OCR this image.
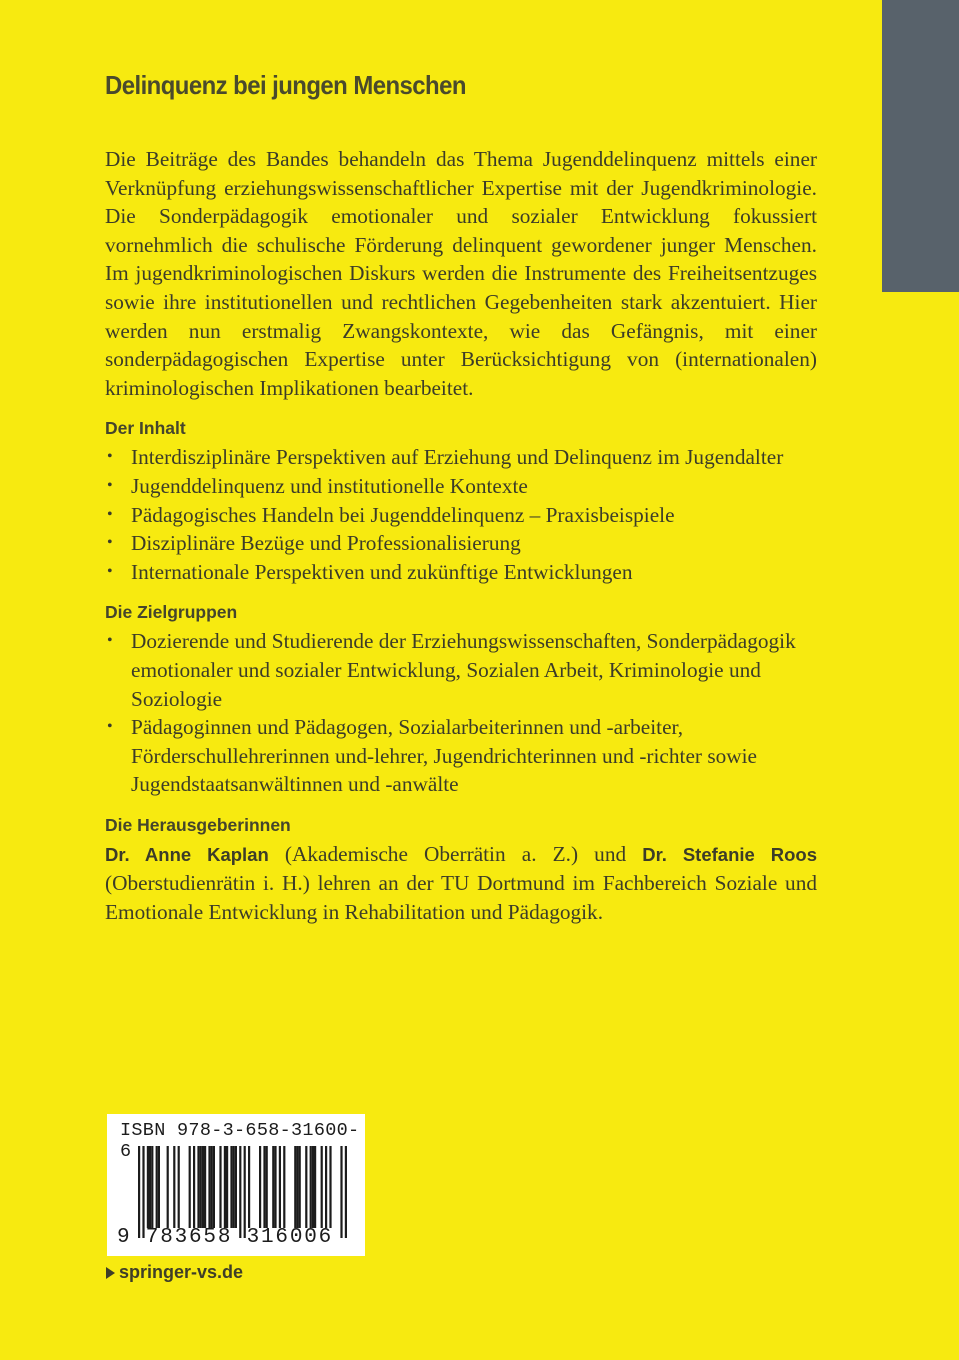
Delinquenz bei jungen Menschen

Die Beiträge des Bandes behandeln das Thema Jugenddelinquenz mittels einer Verknüpfung erziehungswissenschaftlicher Expertise mit der Jugendkriminologie. Die Sonderpädagogik emotionaler und sozialer Entwicklung fokussiert vornehmlich die schulische Förderung delinquent gewordener junger Menschen. Im jugendkriminologischen Diskurs werden die Instrumente des Freiheitsentzuges sowie ihre institutionellen und rechtlichen Gegebenheiten stark akzentuiert. Hier werden nun erstmalig Zwangskontexte, wie das Gefängnis, mit einer sonderpädagogischen Expertise unter Berücksichtigung von (internationalen) kriminologischen Implikationen bearbeitet.

Der Inhalt
• Interdisziplinäre Perspektiven auf Erziehung und Delinquenz im Jugendalter
• Jugenddelinquenz und institutionelle Kontexte
• Pädagogisches Handeln bei Jugenddelinquenz – Praxisbeispiele
• Disziplinäre Bezüge und Professionalisierung
• Internationale Perspektiven und zukünftige Entwicklungen
Die Zielgruppen
• Dozierende und Studierende der Erziehungswissenschaften, Sonderpädagogik emotionaler und sozialer Entwicklung, Sozialen Arbeit, Kriminologie und Soziologie
• Pädagoginnen und Pädagogen, Sozialarbeiterinnen und -arbeiter, Förderschullehrerinnen und-lehrer, Jugendrichterinnen und -richter sowie Jugendstaatsanwältinnen und -anwälte
Die Herausgeberinnen

Dr. Anne Kaplan (Akademische Oberrätin a. Z.) und Dr. Stefanie Roos (Oberstudienrätin i. H.) lehren an der TU Dortmund im Fachbereich Soziale und Emotionale Entwicklung in Rehabilitation und Pädagogik.

ISBN 978-3-658-31600-6
9 783658 316006
springer-vs.de
